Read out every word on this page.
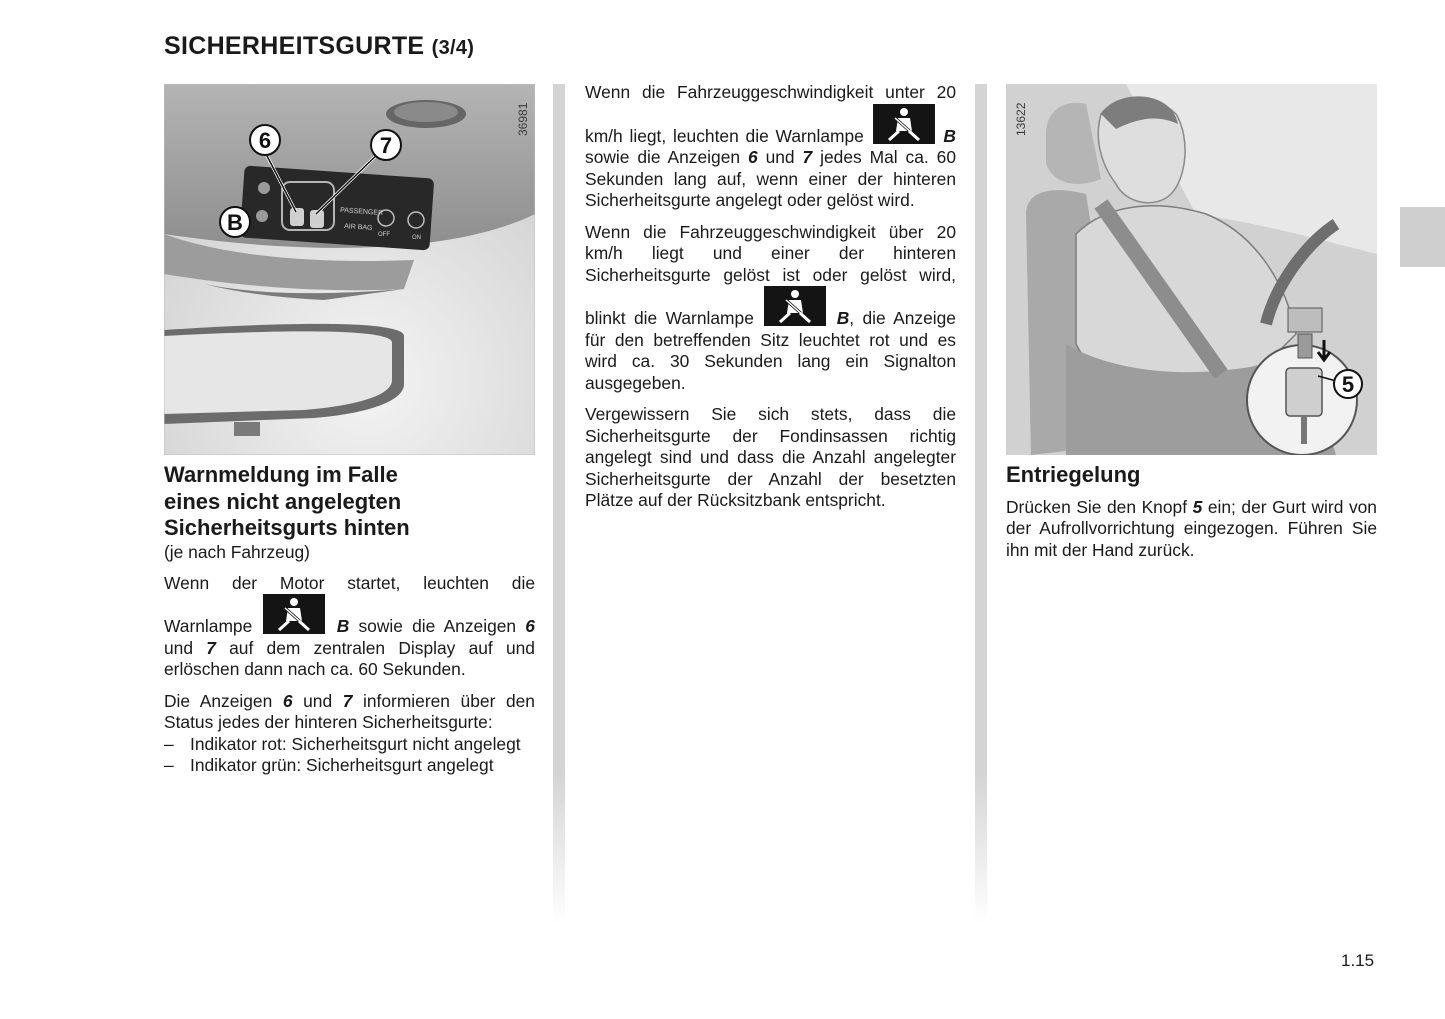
SICHERHEITSGURTE (3/4)
PASSENGER
AIR BAG
OFF	ON
6	7
B
36981
5
13622
Warnmeldung im Falle
eines nicht angelegten
Sicherheitsgurts hinten
(je nach Fahrzeug)

Wenn der Motor startet, leuchten die Warnlampe	B sowie die Anzeigen 6 und 7 auf dem zentralen Display auf und erlöschen dann nach ca. 60 Sekunden.

Die Anzeigen 6 und 7 informieren über den Status jedes der hinteren Sicherheitsgurte:

– Indikator rot: Sicherheitsgurt nicht angelegt
– Indikator grün: Sicherheitsgurt angelegt

Wenn die Fahrzeuggeschwindigkeit unter 20 km/h liegt, leuchten die Warnlampe	B sowie die Anzeigen 6 und 7 jedes Mal ca. 60 Sekunden lang auf, wenn einer der hinteren Sicherheitsgurte angelegt oder gelöst wird.

Wenn die Fahrzeuggeschwindigkeit über 20 km/h liegt und einer der hinteren Sicherheitsgurte gelöst ist oder gelöst wird, blinkt die Warnlampe	B, die Anzeige für den betreffenden Sitz leuchtet rot und es wird ca. 30 Sekunden lang ein Signalton ausgegeben.

Vergewissern Sie sich stets, dass die Sicherheitsgurte der Fondinsassen richtig angelegt sind und dass die Anzahl angelegter Sicherheitsgurte der Anzahl der besetzten Plätze auf der Rücksitzbank entspricht.

Entriegelung

Drücken Sie den Knopf 5 ein; der Gurt wird von der Aufrollvorrichtung eingezogen. Führen Sie ihn mit der Hand zurück.

1.15
